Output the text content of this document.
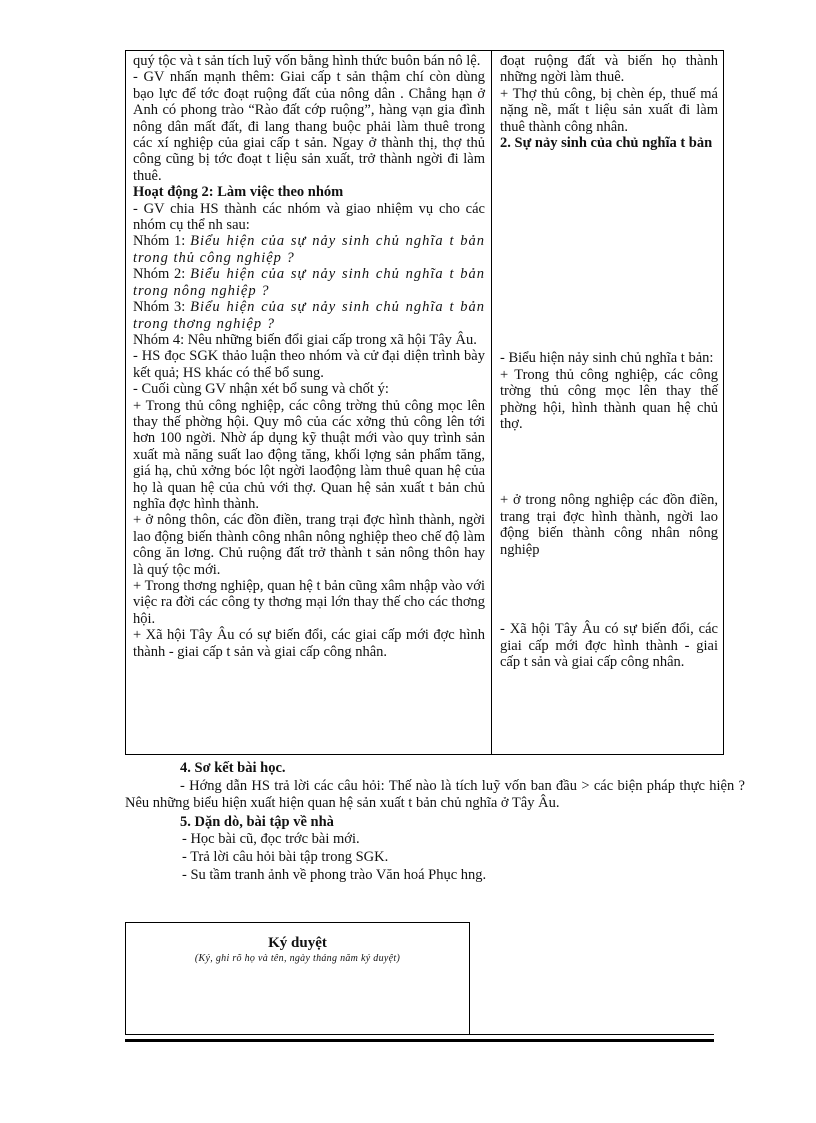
quý tộc và t sản tích luỹ vốn bằng hình thức buôn bán nô lệ.

- GV nhấn mạnh thêm: Giai cấp t sản thậm chí còn dùng bạo lực để tớc đoạt ruộng đất của nông dân . Chẳng hạn ở Anh có phong trào “Rào đất cớp ruộng”, hàng vạn gia đình nông dân mất đất, đi lang thang buộc phải làm thuê trong các xí nghiệp của giai cấp t sản. Ngay ở thành thị, thợ thủ công cũng bị tớc đoạt t liệu sản xuất, trở thành ngời đi làm thuê.

Hoạt động 2: Làm việc theo nhóm

- GV chia HS thành các nhóm và giao nhiệm vụ cho các nhóm cụ thể nh sau:

Nhóm 1: Biểu hiện của sự nảy sinh chủ nghĩa t bản trong thủ công nghiệp ?

Nhóm 2: Biểu hiện của sự nảy sinh chủ nghĩa t bản trong nông nghiệp ?

Nhóm 3: Biểu hiện của sự nảy sinh chủ nghĩa t bản trong thơng nghiệp ?

Nhóm 4: Nêu những biến đổi giai cấp trong xã hội Tây Âu.

- HS đọc SGK thảo luận theo nhóm và cử đại diện trình bày kết quả; HS khác có thể bổ sung.

- Cuối cùng GV nhận xét bổ sung và chốt ý:

+ Trong thủ công nghiệp, các công trờng thủ công mọc lên thay thế phờng hội. Quy mô của các xởng thủ công lên tới hơn 100 ngời. Nhờ áp dụng kỹ thuật mới vào quy trình sản xuất mà năng suất lao động tăng, khối lợng sản phẩm tăng, giá hạ, chủ xởng bóc lột ngời laođộng làm thuê quan hệ của họ là quan hệ của chủ với thợ. Quan hệ sản xuất t bản chủ nghĩa đợc hình thành.

+ ở nông thôn, các đồn điền, trang trại đợc hình thành, ngời lao động biến thành công nhân nông nghiệp theo chế độ làm công ăn lơng. Chủ ruộng đất trở thành t sản nông thôn hay là quý tộc mới.

+ Trong thơng nghiệp, quan hệ t bản cũng xâm nhập vào với việc ra đời các công ty thơng mại lớn thay thế cho các thơng hội.

+ Xã hội Tây Âu có sự biến đổi, các giai cấp mới đợc hình thành - giai cấp t sản và giai cấp công nhân.

đoạt ruộng đất và biến họ thành những ngời làm thuê.

+ Thợ thủ công, bị chèn ép, thuế má nặng nề, mất t liệu sản xuất đi làm thuê thành công nhân.

2. Sự nảy sinh của chủ nghĩa t bản

- Biểu hiện nảy sinh chủ nghĩa t bản:

+ Trong thủ công nghiệp, các công trờng thủ công mọc lên thay thế phờng hội, hình thành quan hệ chủ thợ.

+ ở trong nông nghiệp các đồn điền, trang trại đợc hình thành, ngời lao động biến thành công nhân nông nghiệp

- Xã hội Tây Âu có sự biến đổi, các giai cấp mới đợc hình thành - giai cấp t sản và giai cấp công nhân.

4. Sơ kết bài học.

- Hớng dẫn HS trả lời các câu hỏi: Thế nào là tích luỹ vốn ban đầu > các biện pháp thực hiện ? Nêu những biểu hiện xuất hiện quan hệ sản xuất t bản chủ nghĩa ở Tây Âu.

5. Dặn dò, bài tập về nhà

- Học bài cũ, đọc trớc bài mới.

- Trả lời câu hỏi bài tập trong SGK.

- Su tầm tranh ảnh về phong trào Văn hoá Phục hng.

Ký duyệt
(Ký, ghi rõ họ và tên, ngày tháng năm ký duyệt)
